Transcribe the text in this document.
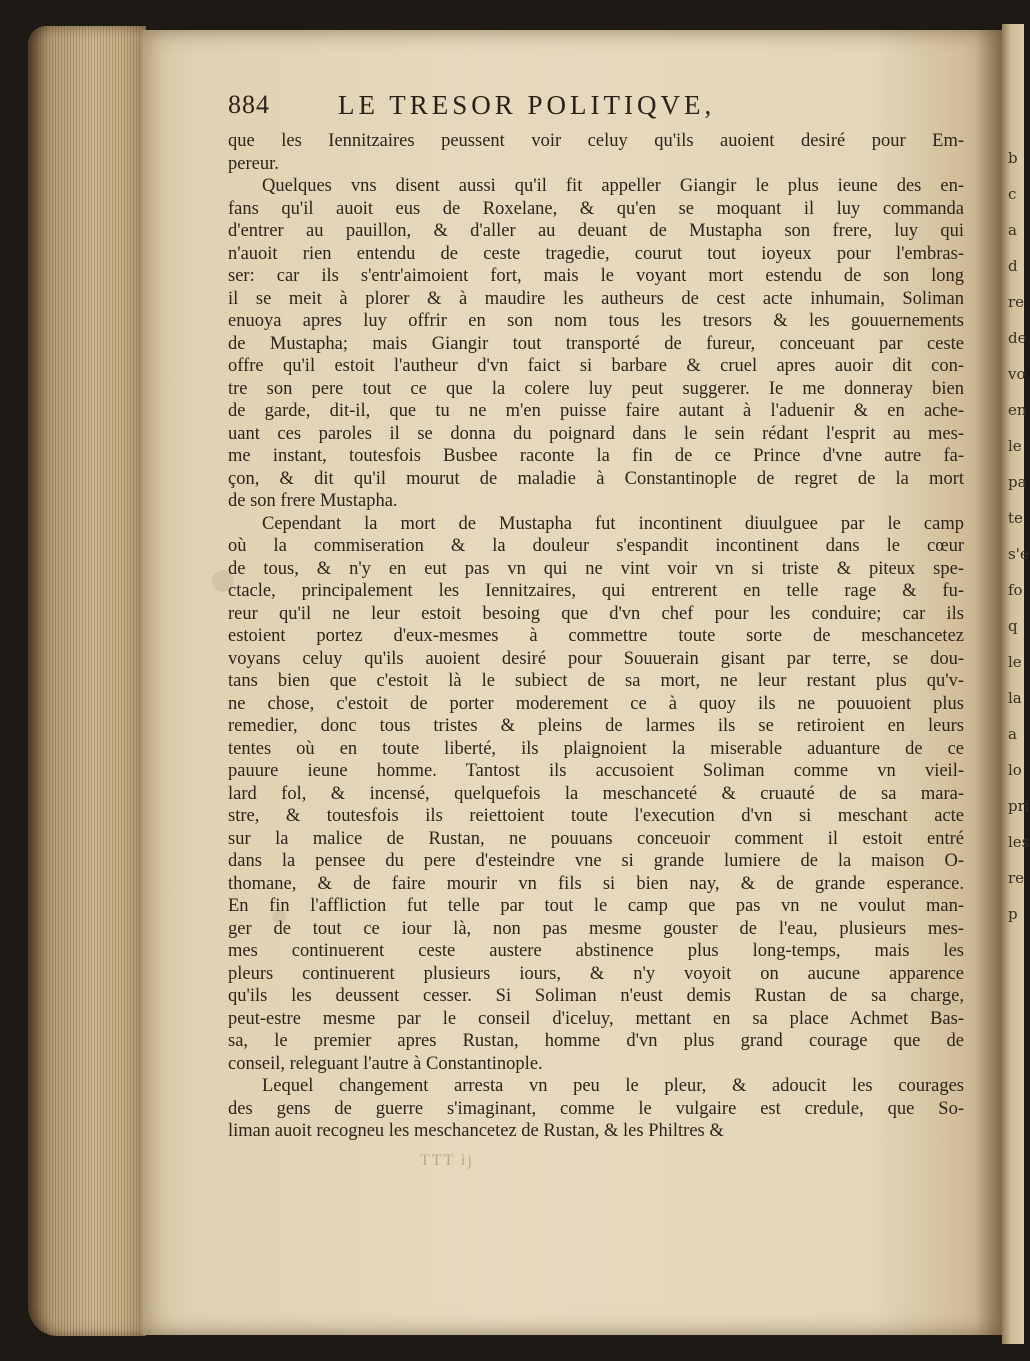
b
c
a
d
re
de
vo
en
le
pa
te
s'e
fo
q
le
la
a
lo
pri
les
re
p
884	LE TRESOR POLITIQVE,
que les Iennitzaires peussent voir celuy qu'ils auoient desiré pour Em-
pereur.
Quelques vns disent aussi qu'il fit appeller Giangir le plus ieune des en-
fans qu'il auoit eus de Roxelane, & qu'en se moquant il luy commanda
d'entrer au pauillon, & d'aller au deuant de Mustapha son frere, luy qui
n'auoit rien entendu de ceste tragedie, courut tout ioyeux pour l'embras-
ser: car ils s'entr'aimoient fort, mais le voyant mort estendu de son long
il se meit à plorer & à maudire les autheurs de cest acte inhumain, Soliman
enuoya apres luy offrir en son nom tous les tresors & les gouuernements
de Mustapha; mais Giangir tout transporté de fureur, conceuant par ceste
offre qu'il estoit l'autheur d'vn faict si barbare & cruel apres auoir dit con-
tre son pere tout ce que la colere luy peut suggerer. Ie me donneray bien
de garde, dit-il, que tu ne m'en puisse faire autant à l'aduenir & en ache-
uant ces paroles il se donna du poignard dans le sein rédant l'esprit au mes-
me instant, toutesfois Busbee raconte la fin de ce Prince d'vne autre fa-
çon, & dit qu'il mourut de maladie à Constantinople de regret de la mort
de son frere Mustapha.
Cependant la mort de Mustapha fut incontinent diuulguee par le camp
où la commiseration & la douleur s'espandit incontinent dans le cœur
de tous, & n'y en eut pas vn qui ne vint voir vn si triste & piteux spe-
ctacle, principalement les Iennitzaires, qui entrerent en telle rage & fu-
reur qu'il ne leur estoit besoing que d'vn chef pour les conduire; car ils
estoient portez d'eux-mesmes à commettre toute sorte de meschancetez
voyans celuy qu'ils auoient desiré pour Souuerain gisant par terre, se dou-
tans bien que c'estoit là le subiect de sa mort, ne leur restant plus qu'v-
ne chose, c'estoit de porter moderement ce à quoy ils ne pouuoient plus
remedier, donc tous tristes & pleins de larmes ils se retiroient en leurs
tentes où en toute liberté, ils plaignoient la miserable aduanture de ce
pauure ieune homme. Tantost ils accusoient Soliman comme vn vieil-
lard fol, & incensé, quelquefois la meschanceté & cruauté de sa mara-
stre, & toutesfois ils reiettoient toute l'execution d'vn si meschant acte
sur la malice de Rustan, ne pouuans conceuoir comment il estoit entré
dans la pensee du pere d'esteindre vne si grande lumiere de la maison O-
thomane, & de faire mourir vn fils si bien nay, & de grande esperance.
En fin l'affliction fut telle par tout le camp que pas vn ne voulut man-
ger de tout ce iour là, non pas mesme gouster de l'eau, plusieurs mes-
mes continuerent ceste austere abstinence plus long-temps, mais les
pleurs continuerent plusieurs iours, & n'y voyoit on aucune apparence
qu'ils les deussent cesser. Si Soliman n'eust demis Rustan de sa charge,
peut-estre mesme par le conseil d'iceluy, mettant en sa place Achmet Bas-
sa, le premier apres Rustan, homme d'vn plus grand courage que de
conseil, releguant l'autre à Constantinople.
Lequel changement arresta vn peu le pleur, & adoucit les courages
des gens de guerre s'imaginant, comme le vulgaire est credule, que So-
liman auoit recogneu les meschancetez de Rustan, & les Philtres &
TTT ij
